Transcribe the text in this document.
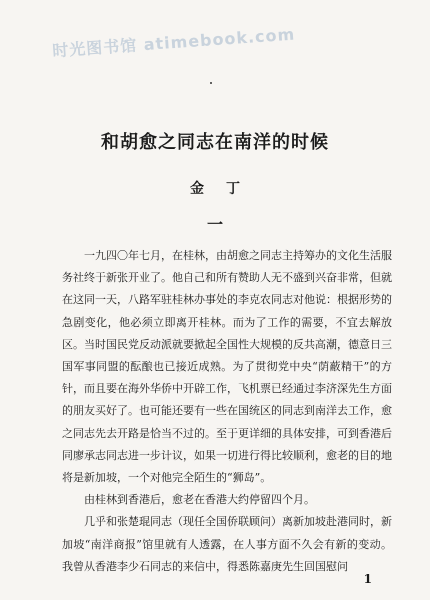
时光图书馆 atimebook.com
和胡愈之同志在南洋的时候
金丁
一

一九四〇年七月，在桂林，由胡愈之同志主持筹办的文化生活服务社终于新张开业了。他自己和所有赞助人无不盛到兴奋非常，但就在这同一天，八路军驻桂林办事处的李克农同志对他说：根据形势的急剧变化，他必须立即离开桂林。而为了工作的需要，不宜去解放区。当时国民党反动派就要掀起全国性大规模的反共高潮，德意日三国军事同盟的酝酿也已接近成熟。为了贯彻党中央“荫蔽精干”的方针，而且要在海外华侨中开辟工作，飞机票已经通过李济深先生方面的朋友买好了。也可能还要有一些在国统区的同志到南洋去工作，愈之同志先去开路是恰当不过的。至于更详细的具体安排，可到香港后同廖承志同志进一步计议，如果一切进行得比较顺利，愈老的目的地将是新加坡，一个对他完全陌生的“狮岛”。

由桂林到香港后，愈老在香港大约停留四个月。

几乎和张楚琨同志（现任全国侨联顾问）离新加坡赴港同时，新加坡“南洋商报”馆里就有人透露，在人事方面不久会有新的变动。我曾从香港李少石同志的来信中，得悉陈嘉庚先生回国慰问

1
